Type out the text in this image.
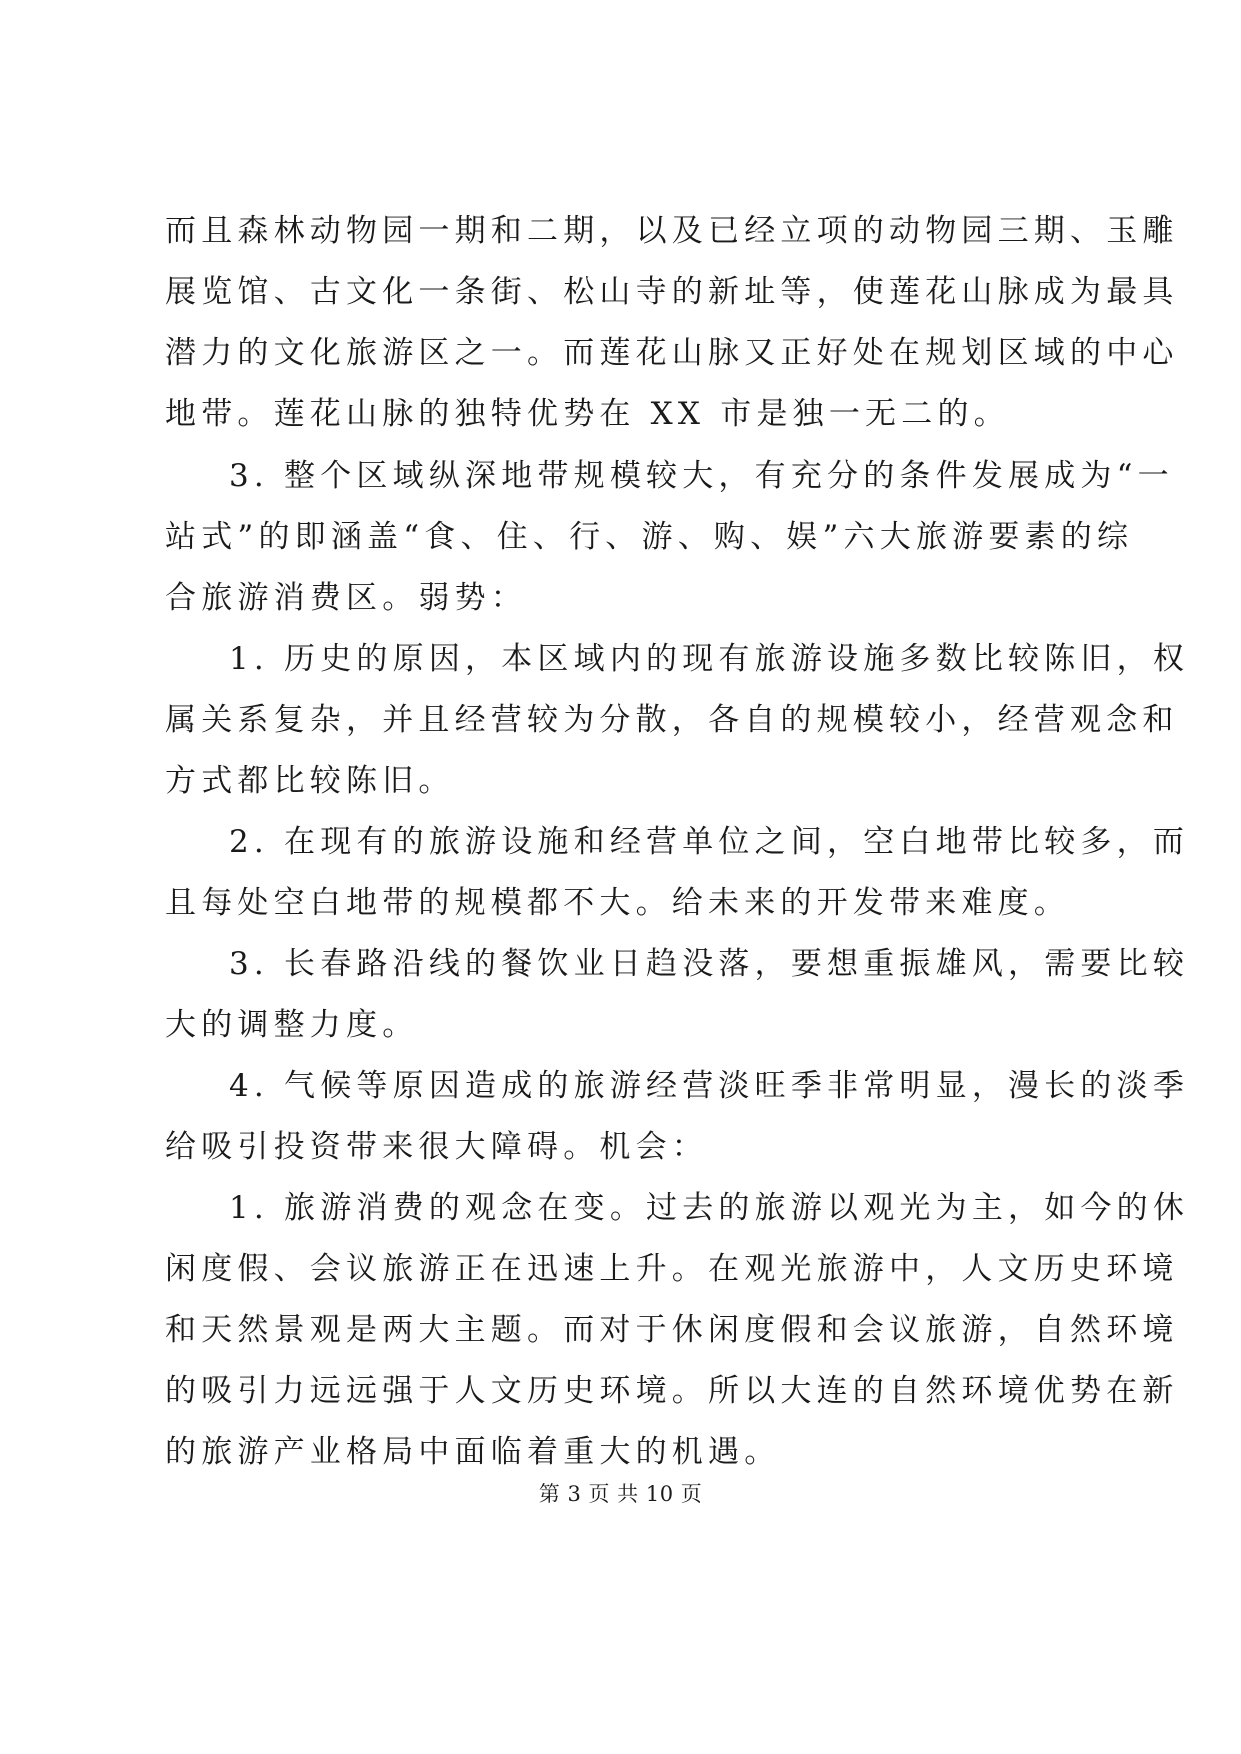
而且森林动物园一期和二期，以及已经立项的动物园三期、玉雕
展览馆、古文化一条街、松山寺的新址等，使莲花山脉成为最具
潜力的文化旅游区之一。而莲花山脉又正好处在规划区域的中心
地带。莲花山脉的独特优势在 XX 市是独一无二的。
3. 整个区域纵深地带规模较大，有充分的条件发展成为“一
站式”的即涵盖“食、住、行、游、购、娱”六大旅游要素的综
合旅游消费区。弱势：
1. 历史的原因，本区域内的现有旅游设施多数比较陈旧，权
属关系复杂，并且经营较为分散，各自的规模较小，经营观念和
方式都比较陈旧。
2. 在现有的旅游设施和经营单位之间，空白地带比较多，而
且每处空白地带的规模都不大。给未来的开发带来难度。
3. 长春路沿线的餐饮业日趋没落，要想重振雄风，需要比较
大的调整力度。
4. 气候等原因造成的旅游经营淡旺季非常明显，漫长的淡季
给吸引投资带来很大障碍。机会：
1. 旅游消费的观念在变。过去的旅游以观光为主，如今的休
闲度假、会议旅游正在迅速上升。在观光旅游中，人文历史环境
和天然景观是两大主题。而对于休闲度假和会议旅游，自然环境
的吸引力远远强于人文历史环境。所以大连的自然环境优势在新
的旅游产业格局中面临着重大的机遇。
第 3 页 共 10 页
